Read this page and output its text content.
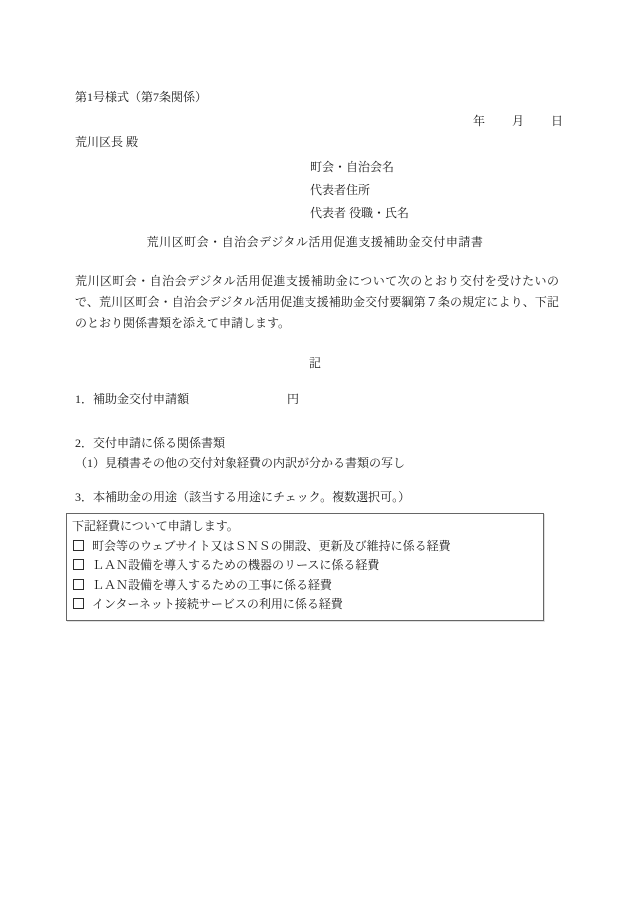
第1号様式（第7条関係）
年　　月　　日
荒川区長 殿
町会・自治会名
代表者住所
代表者 役職・氏名
荒川区町会・自治会デジタル活用促進支援補助金交付申請書
荒川区町会・自治会デジタル活用促進支援補助金について次のとおり交付を受けたいので、荒川区町会・自治会デジタル活用促進支援補助金交付要綱第７条の規定により、下記のとおり関係書類を添えて申請します。
記
1．補助金交付申請額	円
2．交付申請に係る関係書類
（1）見積書その他の交付対象経費の内訳が分かる書類の写し
3．本補助金の用途（該当する用途にチェック。複数選択可。）
下記経費について申請します。
町会等のウェブサイト又はＳＮＳの開設、更新及び維持に係る経費
ＬＡＮ設備を導入するための機器のリースに係る経費
ＬＡＮ設備を導入するための工事に係る経費
インターネット接続サービスの利用に係る経費
